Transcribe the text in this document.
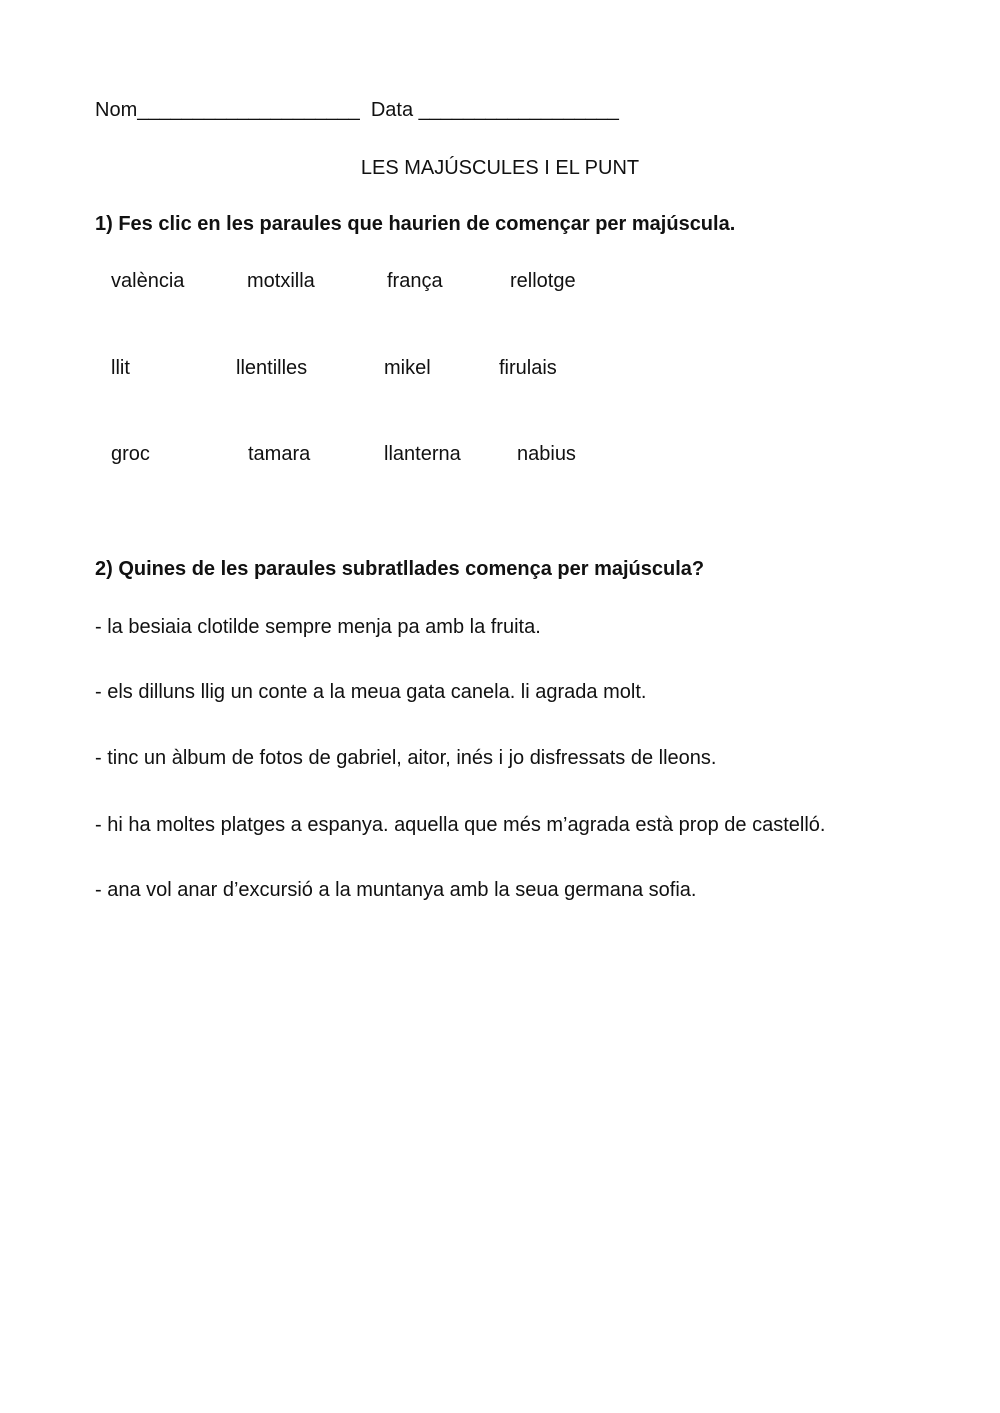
Nom____________________ Data __________________
LES MAJÚSCULES I EL PUNT
1) Fes clic en les paraules que haurien de començar per majúscula.
valència	motxilla	frança	rellotge
llit	llentilles	mikel	firulais
groc	tamara	llanterna	nabius
2) Quines de les paraules subratllades comença per majúscula?
- la besiaia clotilde sempre menja pa amb la fruita.
- els dilluns llig un conte a la meua gata canela. li agrada molt.
- tinc un àlbum de fotos de gabriel, aitor, inés i jo disfressats de lleons.
- hi ha moltes platges a espanya. aquella que més m’agrada està prop de castelló.
- ana vol anar d’excursió a la muntanya amb la seua germana sofia.
